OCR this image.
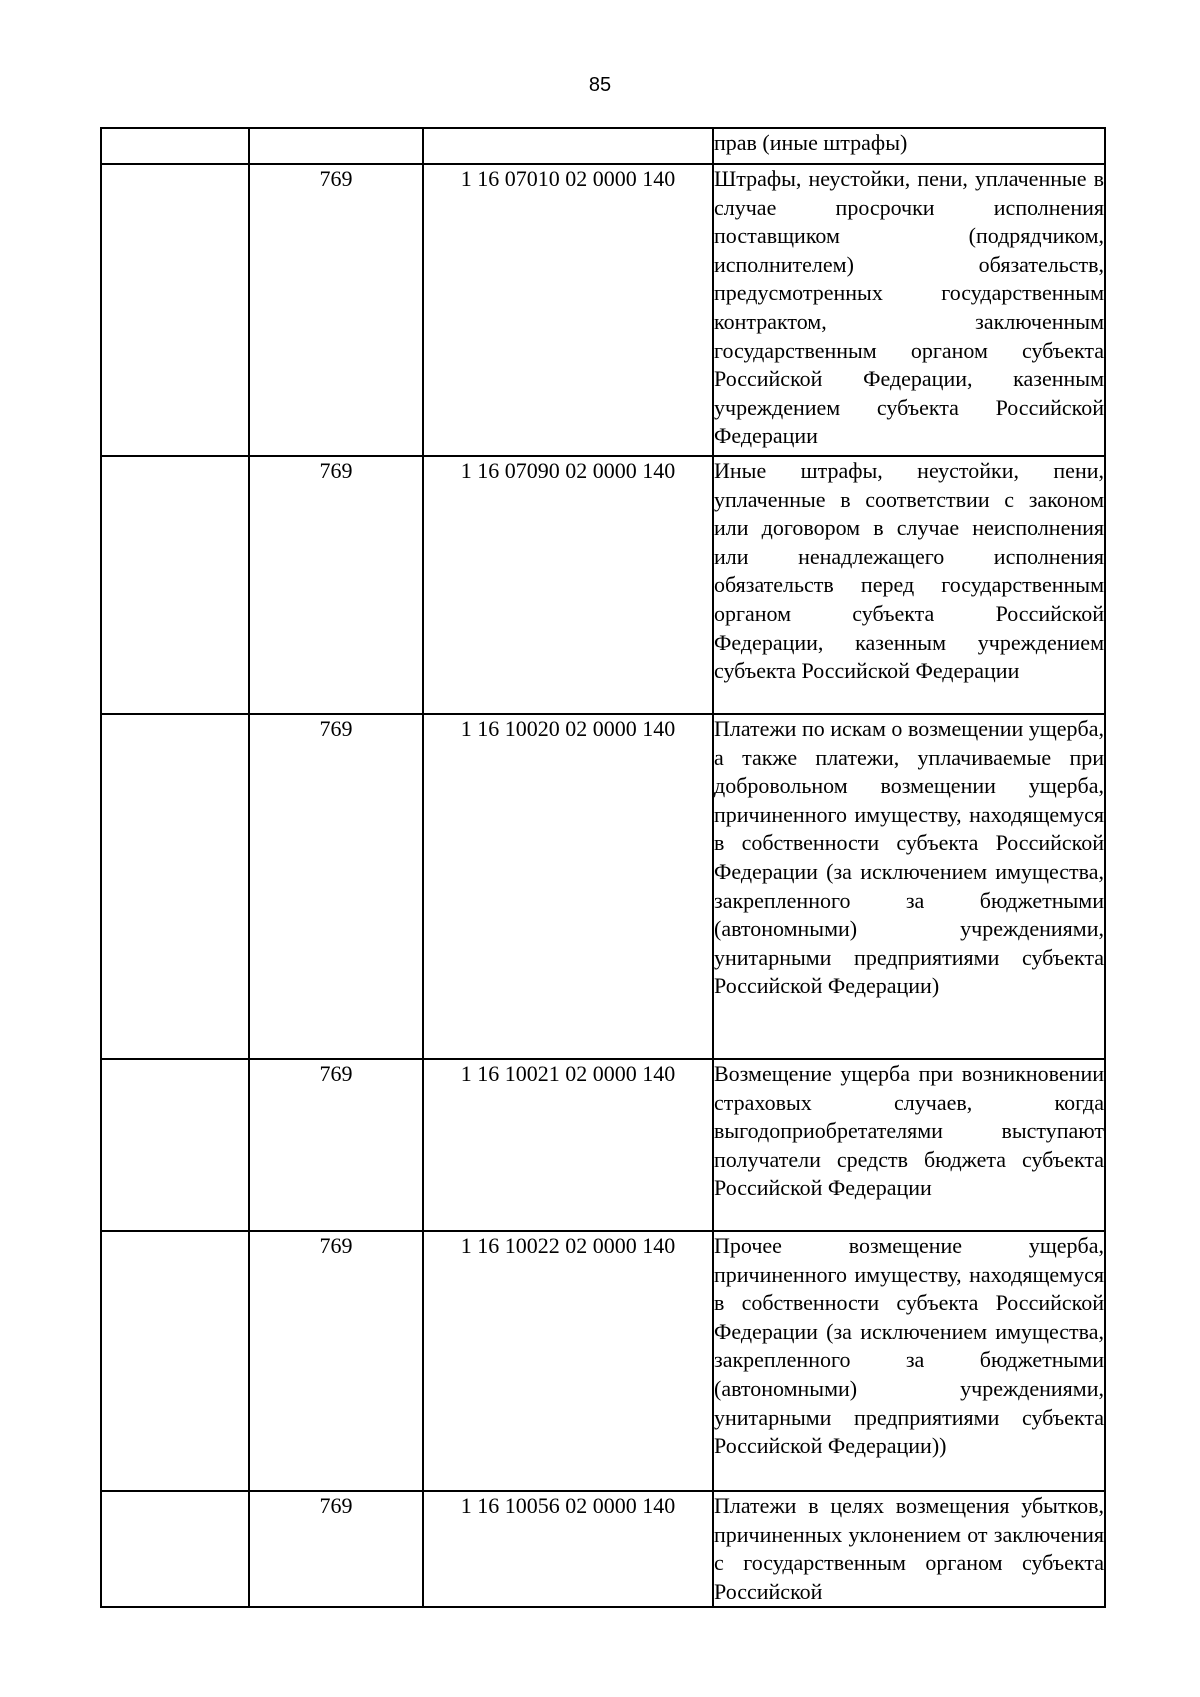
85

			прав (иные штрафы)

	769	1 16 07010 02 0000 140	Штрафы, неустойки, пени, уплаченные в случае просрочки исполнения поставщиком (подрядчиком, исполнителем) обязательств, предусмотренных государственным контрактом, заключенным государственным органом субъекта Российской Федерации, казенным учреждением субъекта Российской Федерации

	769	1 16 07090 02 0000 140	Иные штрафы, неустойки, пени, уплаченные в соответствии с законом или договором в случае неисполнения или ненадлежащего исполнения обязательств перед государственным органом субъекта Российской Федерации, казенным учреждением субъекта Российской Федерации

	769	1 16 10020 02 0000 140	Платежи по искам о возмещении ущерба, а также платежи, уплачиваемые при добровольном возмещении ущерба, причиненного имуществу, находящемуся в собственности субъекта Российской Федерации (за исключением имущества, закрепленного за бюджетными (автономными) учреждениями, унитарными предприятиями субъекта Российской Федерации)

	769	1 16 10021 02 0000 140	Возмещение ущерба при возникновении страховых случаев, когда выгодоприобретателями выступают получатели средств бюджета субъекта Российской Федерации

	769	1 16 10022 02 0000 140	Прочее возмещение ущерба, причиненного имуществу, находящемуся в собственности субъекта Российской Федерации (за исключением имущества, закрепленного за бюджетными (автономными) учреждениями, унитарными предприятиями субъекта Российской Федерации))

	769	1 16 10056 02 0000 140	Платежи в целях возмещения убытков, причиненных уклонением от заключения с государственным органом субъекта Российской
